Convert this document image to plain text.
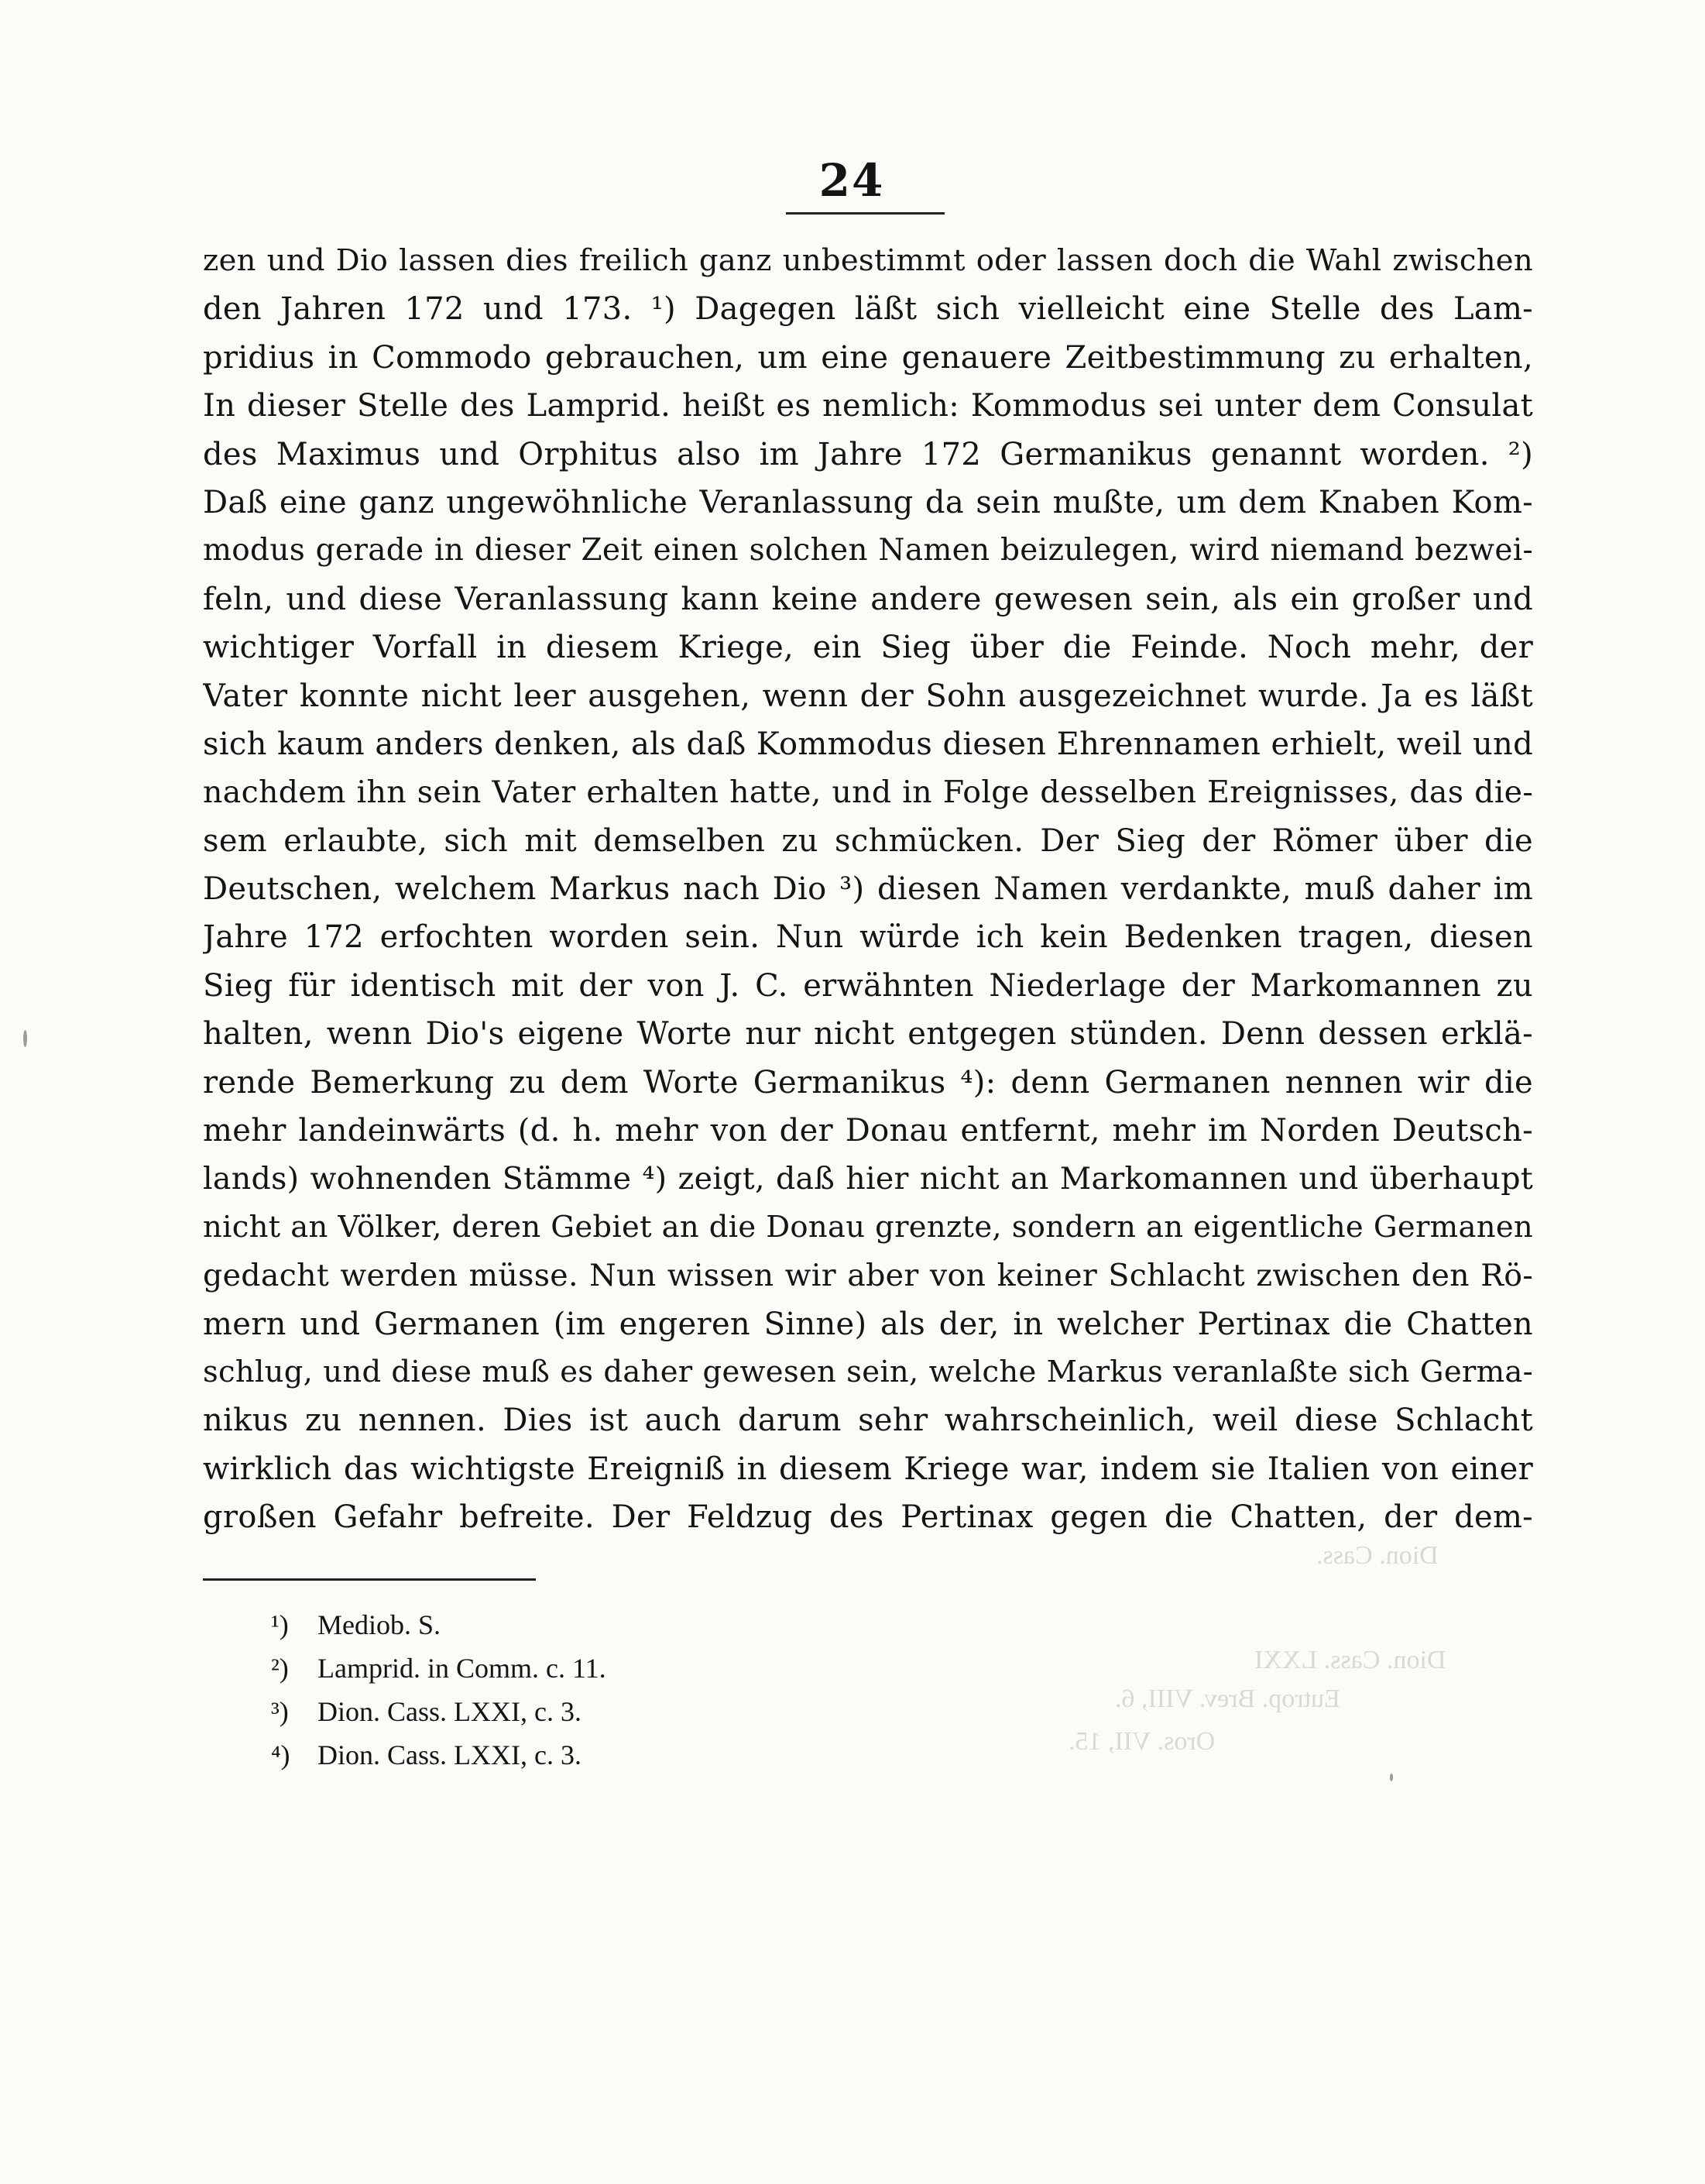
Dion. Cass.
Dion. Cass. LXXI
Eutrop. Brev. VIII, 6.
Oros. VII, 15.
24
zen und Dio lassen dies freilich ganz unbestimmt oder lassen doch die Wahl zwischen
den Jahren 172 und 173. ¹) Dagegen läßt sich vielleicht eine Stelle des Lam-
pridius in Commodo gebrauchen, um eine genauere Zeitbestimmung zu erhalten,
In dieser Stelle des Lamprid. heißt es nemlich: Kommodus sei unter dem Consulat
des Maximus und Orphitus also im Jahre 172 Germanikus genannt worden. ²)
Daß eine ganz ungewöhnliche Veranlassung da sein mußte, um dem Knaben Kom-
modus gerade in dieser Zeit einen solchen Namen beizulegen, wird niemand bezwei-
feln, und diese Veranlassung kann keine andere gewesen sein, als ein großer und
wichtiger Vorfall in diesem Kriege, ein Sieg über die Feinde. Noch mehr, der
Vater konnte nicht leer ausgehen, wenn der Sohn ausgezeichnet wurde. Ja es läßt
sich kaum anders denken, als daß Kommodus diesen Ehrennamen erhielt, weil und
nachdem ihn sein Vater erhalten hatte, und in Folge desselben Ereignisses, das die-
sem erlaubte, sich mit demselben zu schmücken. Der Sieg der Römer über die
Deutschen, welchem Markus nach Dio ³) diesen Namen verdankte, muß daher im
Jahre 172 erfochten worden sein. Nun würde ich kein Bedenken tragen, diesen
Sieg für identisch mit der von J. C. erwähnten Niederlage der Markomannen zu
halten, wenn Dio's eigene Worte nur nicht entgegen stünden. Denn dessen erklä-
rende Bemerkung zu dem Worte Germanikus ⁴): denn Germanen nennen wir die
mehr landeinwärts (d. h. mehr von der Donau entfernt, mehr im Norden Deutsch-
lands) wohnenden Stämme ⁴) zeigt, daß hier nicht an Markomannen und überhaupt
nicht an Völker, deren Gebiet an die Donau grenzte, sondern an eigentliche Germanen
gedacht werden müsse. Nun wissen wir aber von keiner Schlacht zwischen den Rö-
mern und Germanen (im engeren Sinne) als der, in welcher Pertinax die Chatten
schlug, und diese muß es daher gewesen sein, welche Markus veranlaßte sich Germa-
nikus zu nennen. Dies ist auch darum sehr wahrscheinlich, weil diese Schlacht
wirklich das wichtigste Ereigniß in diesem Kriege war, indem sie Italien von einer
großen Gefahr befreite. Der Feldzug des Pertinax gegen die Chatten, der dem-
¹) Mediob. S.
²) Lamprid. in Comm. c. 11.
³) Dion. Cass. LXXI, c. 3.
⁴) Dion. Cass. LXXI, c. 3.
